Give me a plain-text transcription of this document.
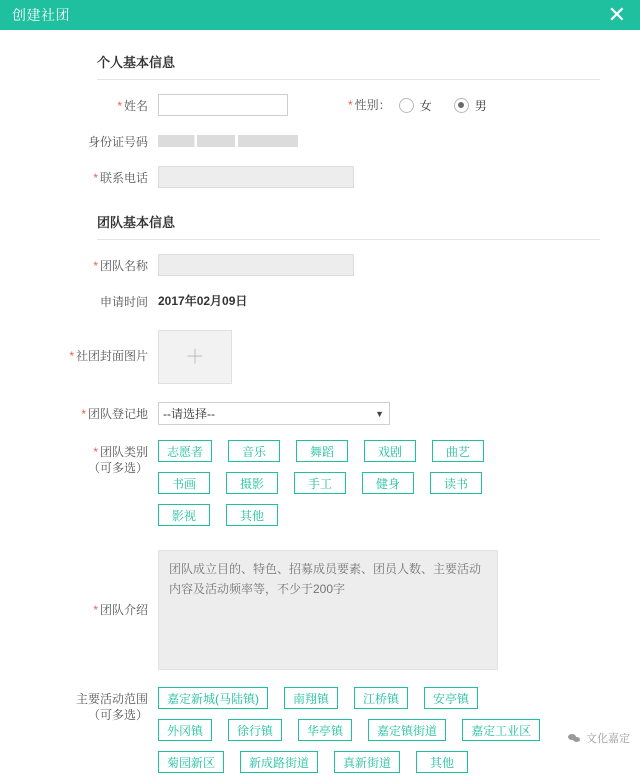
创建社团	✕
个人基本信息
* 姓名	* 性别： 女	男
身份证号码
* 联系电话
团队基本信息
* 团队名称
申请时间 2017年02月09日
* 社团封面图片	＋
* 团队登记地	--请选择--	▼
* 团队类别
（可多选）
志愿者	音乐	舞蹈	戏剧	曲艺
书画	摄影	手工	健身	读书
影视	其他
* 团队介绍
团队成立目的、特色、招募成员要素、团员人数、主要活动内容及活动频率等，不少于200字
主要活动范围
（可多选）
嘉定新城(马陆镇)	南翔镇	江桥镇	安亭镇
外冈镇	徐行镇	华亭镇	嘉定镇街道	嘉定工业区
菊园新区	新成路街道	真新街道	其他
文化嘉定
